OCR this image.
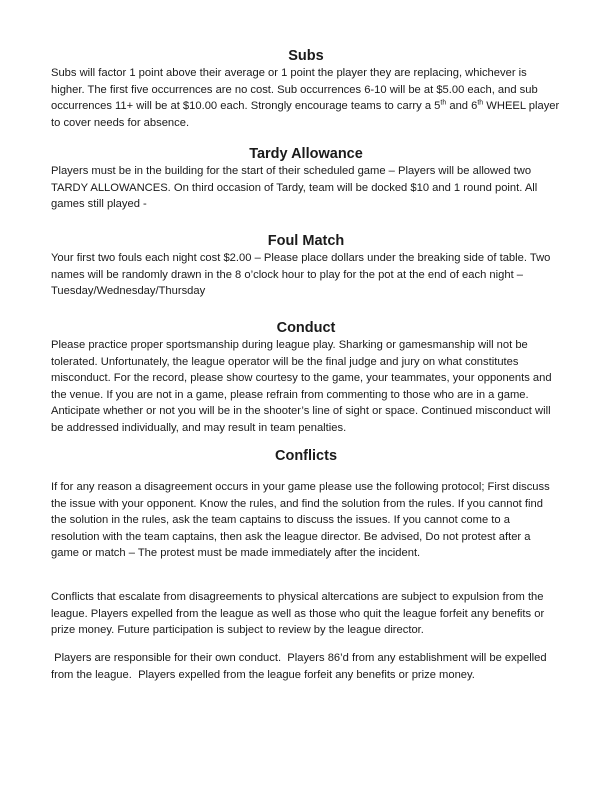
Subs

Subs will factor 1 point above their average or 1 point the player they are replacing, whichever is higher. The first five occurrences are no cost. Sub occurrences 6-10 will be at $5.00 each, and sub occurrences 11+ will be at $10.00 each. Strongly encourage teams to carry a 5th and 6th WHEEL player to cover needs for absence.

Tardy Allowance

Players must be in the building for the start of their scheduled game – Players will be allowed two TARDY ALLOWANCES. On third occasion of Tardy, team will be docked $10 and 1 round point. All games still played -

Foul Match

Your first two fouls each night cost $2.00 – Please place dollars under the breaking side of table. Two names will be randomly drawn in the 8 o’clock hour to play for the pot at the end of each night – Tuesday/Wednesday/Thursday

Conduct

Please practice proper sportsmanship during league play. Sharking or gamesmanship will not be tolerated. Unfortunately, the league operator will be the final judge and jury on what constitutes misconduct. For the record, please show courtesy to the game, your teammates, your opponents and the venue. If you are not in a game, please refrain from commenting to those who are in a game. Anticipate whether or not you will be in the shooter’s line of sight or space. Continued misconduct will be addressed individually, and may result in team penalties.

Conflicts

If for any reason a disagreement occurs in your game please use the following protocol; First discuss the issue with your opponent. Know the rules, and find the solution from the rules. If you cannot find the solution in the rules, ask the team captains to discuss the issues. If you cannot come to a resolution with the team captains, then ask the league director. Be advised, Do not protest after a game or match – The protest must be made immediately after the incident.

Conflicts that escalate from disagreements to physical altercations are subject to expulsion from the league. Players expelled from the league as well as those who quit the league forfeit any benefits or prize money. Future participation is subject to review by the league director.

Players are responsible for their own conduct.  Players 86’d from any establishment will be expelled from the league.  Players expelled from the league forfeit any benefits or prize money.
